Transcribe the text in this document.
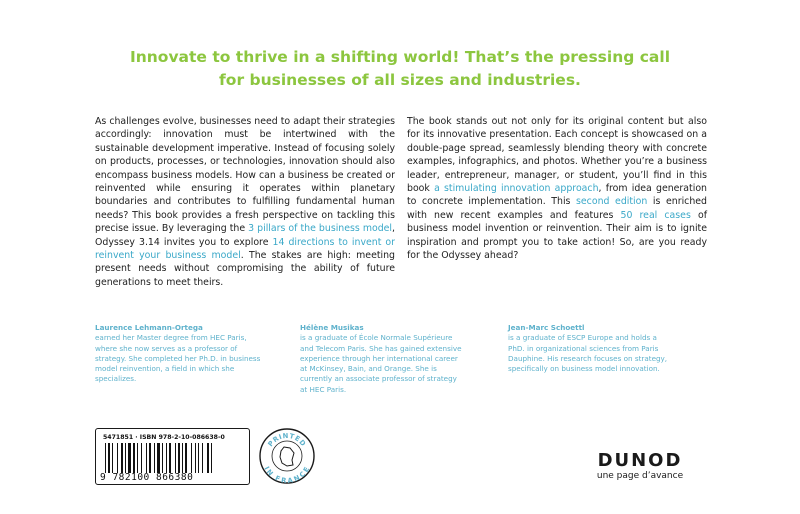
Innovate to thrive in a shifting world! That’s the pressing call
for businesses of all sizes and industries.
As challenges evolve, businesses need to adapt their strategies accordingly: innovation must be intertwined with the sustainable development imperative. Instead of focusing solely on products, processes, or technologies, innovation should also encompass business models. How can a business be created or reinvented while ensuring it operates within planetary boundaries and contributes to fulfilling fundamental human needs? This book provides a fresh perspective on tackling this precise issue. By leveraging the 3 pillars of the business model, Odyssey 3.14 invites you to explore 14 directions to invent or reinvent your business model. The stakes are high: meeting present needs without compromising the ability of future generations to meet theirs.
The book stands out not only for its original content but also for its innovative presentation. Each concept is showcased on a double-page spread, seamlessly blending theory with concrete examples, infographics, and photos. Whether you’re a business leader, entrepreneur, manager, or student, you’ll find in this book a stimulating innovation approach, from idea generation to concrete implementation. This second edition is enriched with new recent examples and features 50 real cases of business model invention or reinvention. Their aim is to ignite inspiration and prompt you to take action! So, are you ready for the Odyssey ahead?
Laurence Lehmann-Ortega
earned her Master degree from HEC Paris, where she now serves as a professor of strategy. She completed her Ph.D. in business model reinvention, a field in which she specializes.
Hélène Musikas
is a graduate of École Normale Supérieure and Telecom Paris. She has gained extensive experience through her international career at McKinsey, Bain, and Orange. She is currently an associate professor of strategy at HEC Paris.
Jean-Marc Schoettl
is a graduate of ESCP Europe and holds a PhD. in organizational sciences from Paris Dauphine. His research focuses on strategy, specifically on business model innovation.
5471851 · ISBN 978-2-10-086638-0
9 782100 866380
PRINTED
IN FRANCE	DUNOD
une page d’avance
